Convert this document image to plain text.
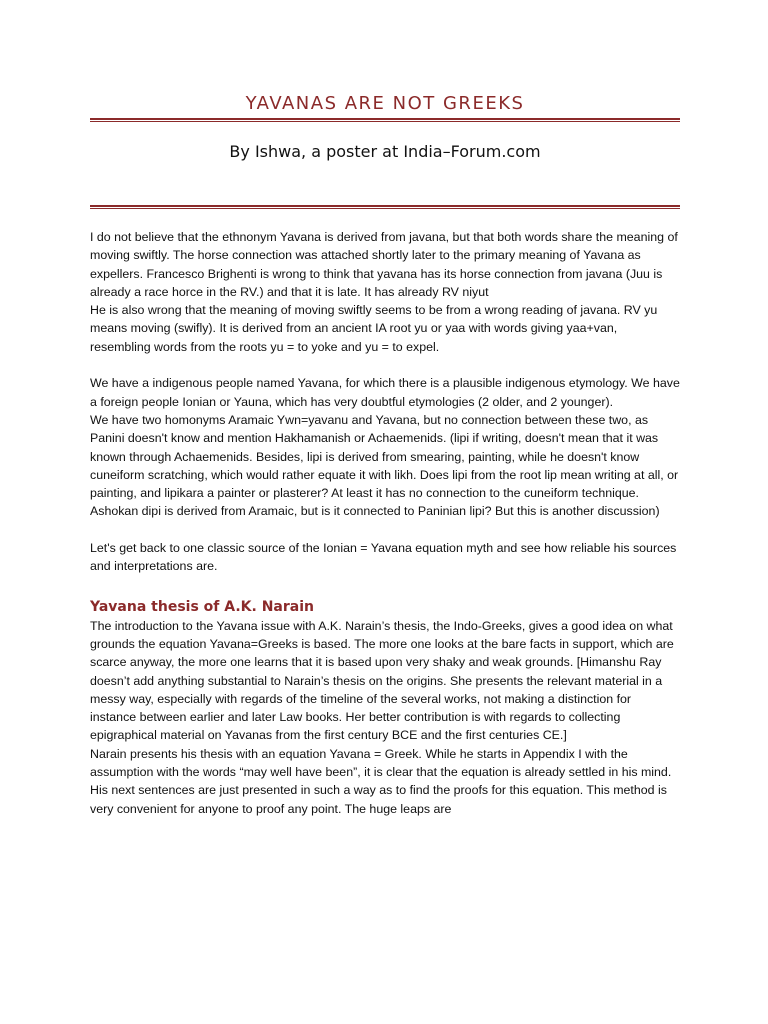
YAVANAS ARE NOT GREEKS

By Ishwa, a poster at India–Forum.com

I do not believe that the ethnonym Yavana is derived from javana, but that both words share the meaning of moving swiftly. The horse connection was attached shortly later to the primary meaning of Yavana as expellers. Francesco Brighenti is wrong to think that yavana has its horse connection from javana (Juu is already a race horce in the RV.) and that it is late. It has already RV niyut

He is also wrong that the meaning of moving swiftly seems to be from a wrong reading of javana. RV yu means moving (swifly). It is derived from an ancient IA root yu or yaa with words giving yaa+van, resembling words from the roots yu = to yoke and yu = to expel.

We have a indigenous people named Yavana, for which there is a plausible indigenous etymology. We have a foreign people Ionian or Yauna, which has very doubtful etymologies (2 older, and 2 younger).

We have two homonyms Aramaic Ywn=yavanu and Yavana, but no connection between these two, as Panini doesn't know and mention Hakhamanish or Achaemenids. (lipi if writing, doesn't mean that it was known through Achaemenids. Besides, lipi is derived from smearing, painting, while he doesn't know cuneiform scratching, which would rather equate it with likh. Does lipi from the root lip mean writing at all, or painting, and lipikara a painter or plasterer? At least it has no connection to the cuneiform technique. Ashokan dipi is derived from Aramaic, but is it connected to Paninian lipi? But this is another discussion)

Let's get back to one classic source of the Ionian = Yavana equation myth and see how reliable his sources and interpretations are.

Yavana thesis of A.K. Narain

The introduction to the Yavana issue with A.K. Narain’s thesis, the Indo-Greeks, gives a good idea on what grounds the equation Yavana=Greeks is based. The more one looks at the bare facts in support, which are scarce anyway, the more one learns that it is based upon very shaky and weak grounds. [Himanshu Ray doesn’t add anything substantial to Narain’s thesis on the origins. She presents the relevant material in a messy way, especially with regards of the timeline of the several works, not making a distinction for instance between earlier and later Law books. Her better contribution is with regards to collecting epigraphical material on Yavanas from the first century BCE and the first centuries CE.]

Narain presents his thesis with an equation Yavana = Greek. While he starts in Appendix I with the assumption with the words “may well have been”, it is clear that the equation is already settled in his mind. His next sentences are just presented in such a way as to find the proofs for this equation. This method is very convenient for anyone to proof any point. The huge leaps are
